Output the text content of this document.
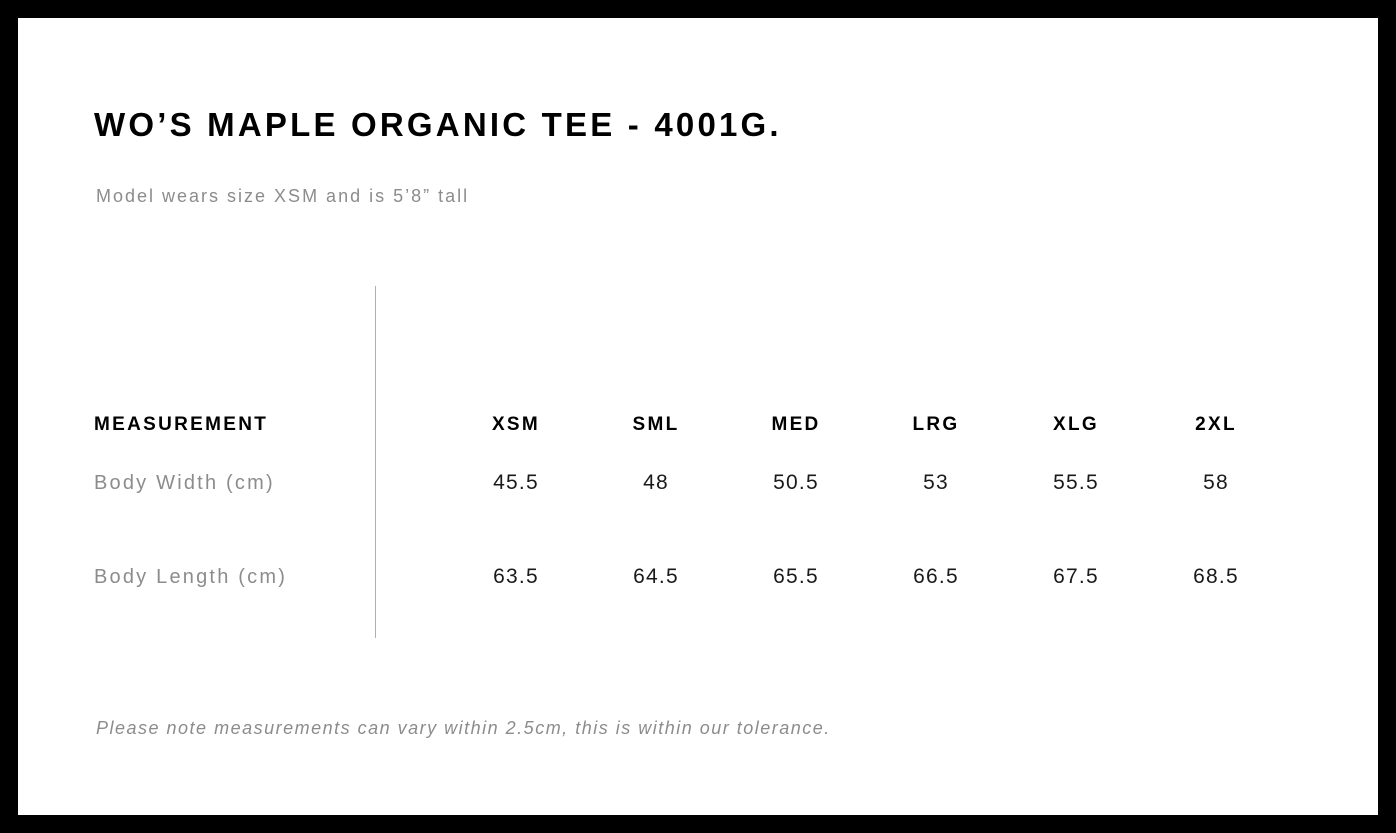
WO’S MAPLE ORGANIC TEE - 4001G.
Model wears size XSM and is 5’8” tall
MEASUREMENT	XSM	SML	MED	LRG	XLG	2XL
Body Width (cm)	45.5	48	50.5	53	55.5	58
Body Length (cm)	63.5	64.5	65.5	66.5	67.5	68.5
Please note measurements can vary within 2.5cm, this is within our tolerance.
